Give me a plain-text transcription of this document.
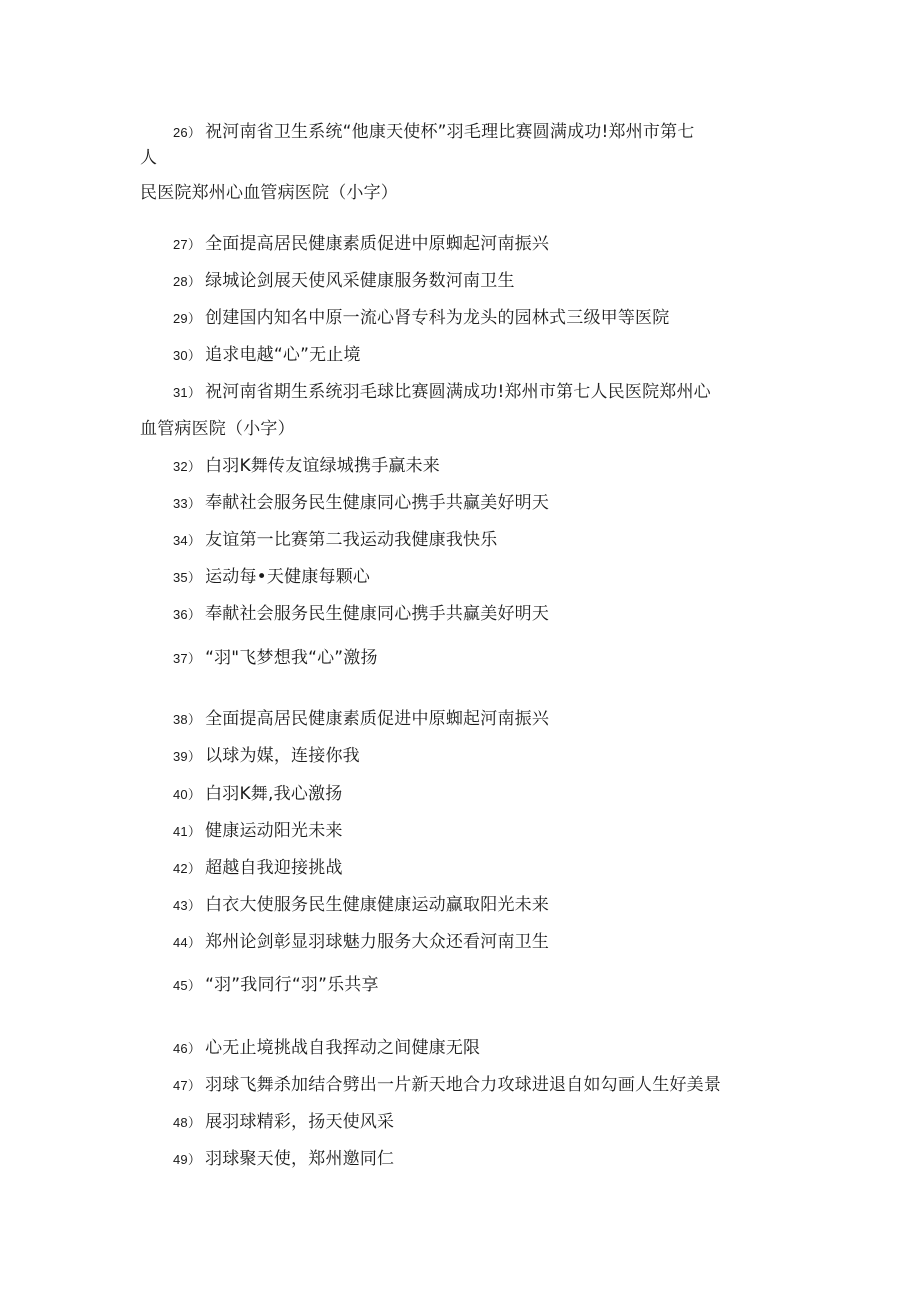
26） 祝河南省卫生系统“他康天使杯”羽毛理比赛圆满成功!郑州市第七
人
民医院郑州心血管病医院（小字）
27） 全面提高居民健康素质促进中原蜘起河南振兴
28） 绿城论剑展天使风采健康服务数河南卫生
29） 创建国内知名中原一流心肾专科为龙头的园林式三级甲等医院
30） 追求电越“心”无止境
31） 祝河南省期生系统羽毛球比赛圆满成功!郑州市第七人民医院郑州心
血管病医院（小字）
32） 白羽K舞传友谊绿城携手赢未来
33） 奉献社会服务民生健康同心携手共赢美好明天
34） 友谊第一比赛第二我运动我健康我快乐
35） 运动每•天健康每颗心
36） 奉献社会服务民生健康同心携手共赢美好明天
37） “羽"飞梦想我“心”激扬
38） 全面提高居民健康素质促进中原蜘起河南振兴
39） 以球为媒，连接你我
40） 白羽K舞,我心激扬
41） 健康运动阳光未来
42） 超越自我迎接挑战
43） 白衣大使服务民生健康健康运动赢取阳光未来
44） 郑州论剑彰显羽球魅力服务大众还看河南卫生
45） “羽”我同行“羽”乐共享
46） 心无止境挑战自我挥动之间健康无限
47） 羽球飞舞杀加结合劈出一片新天地合力攻球进退自如勾画人生好美景
48） 展羽球精彩，扬天使风采
49） 羽球聚天使，郑州邀同仁
